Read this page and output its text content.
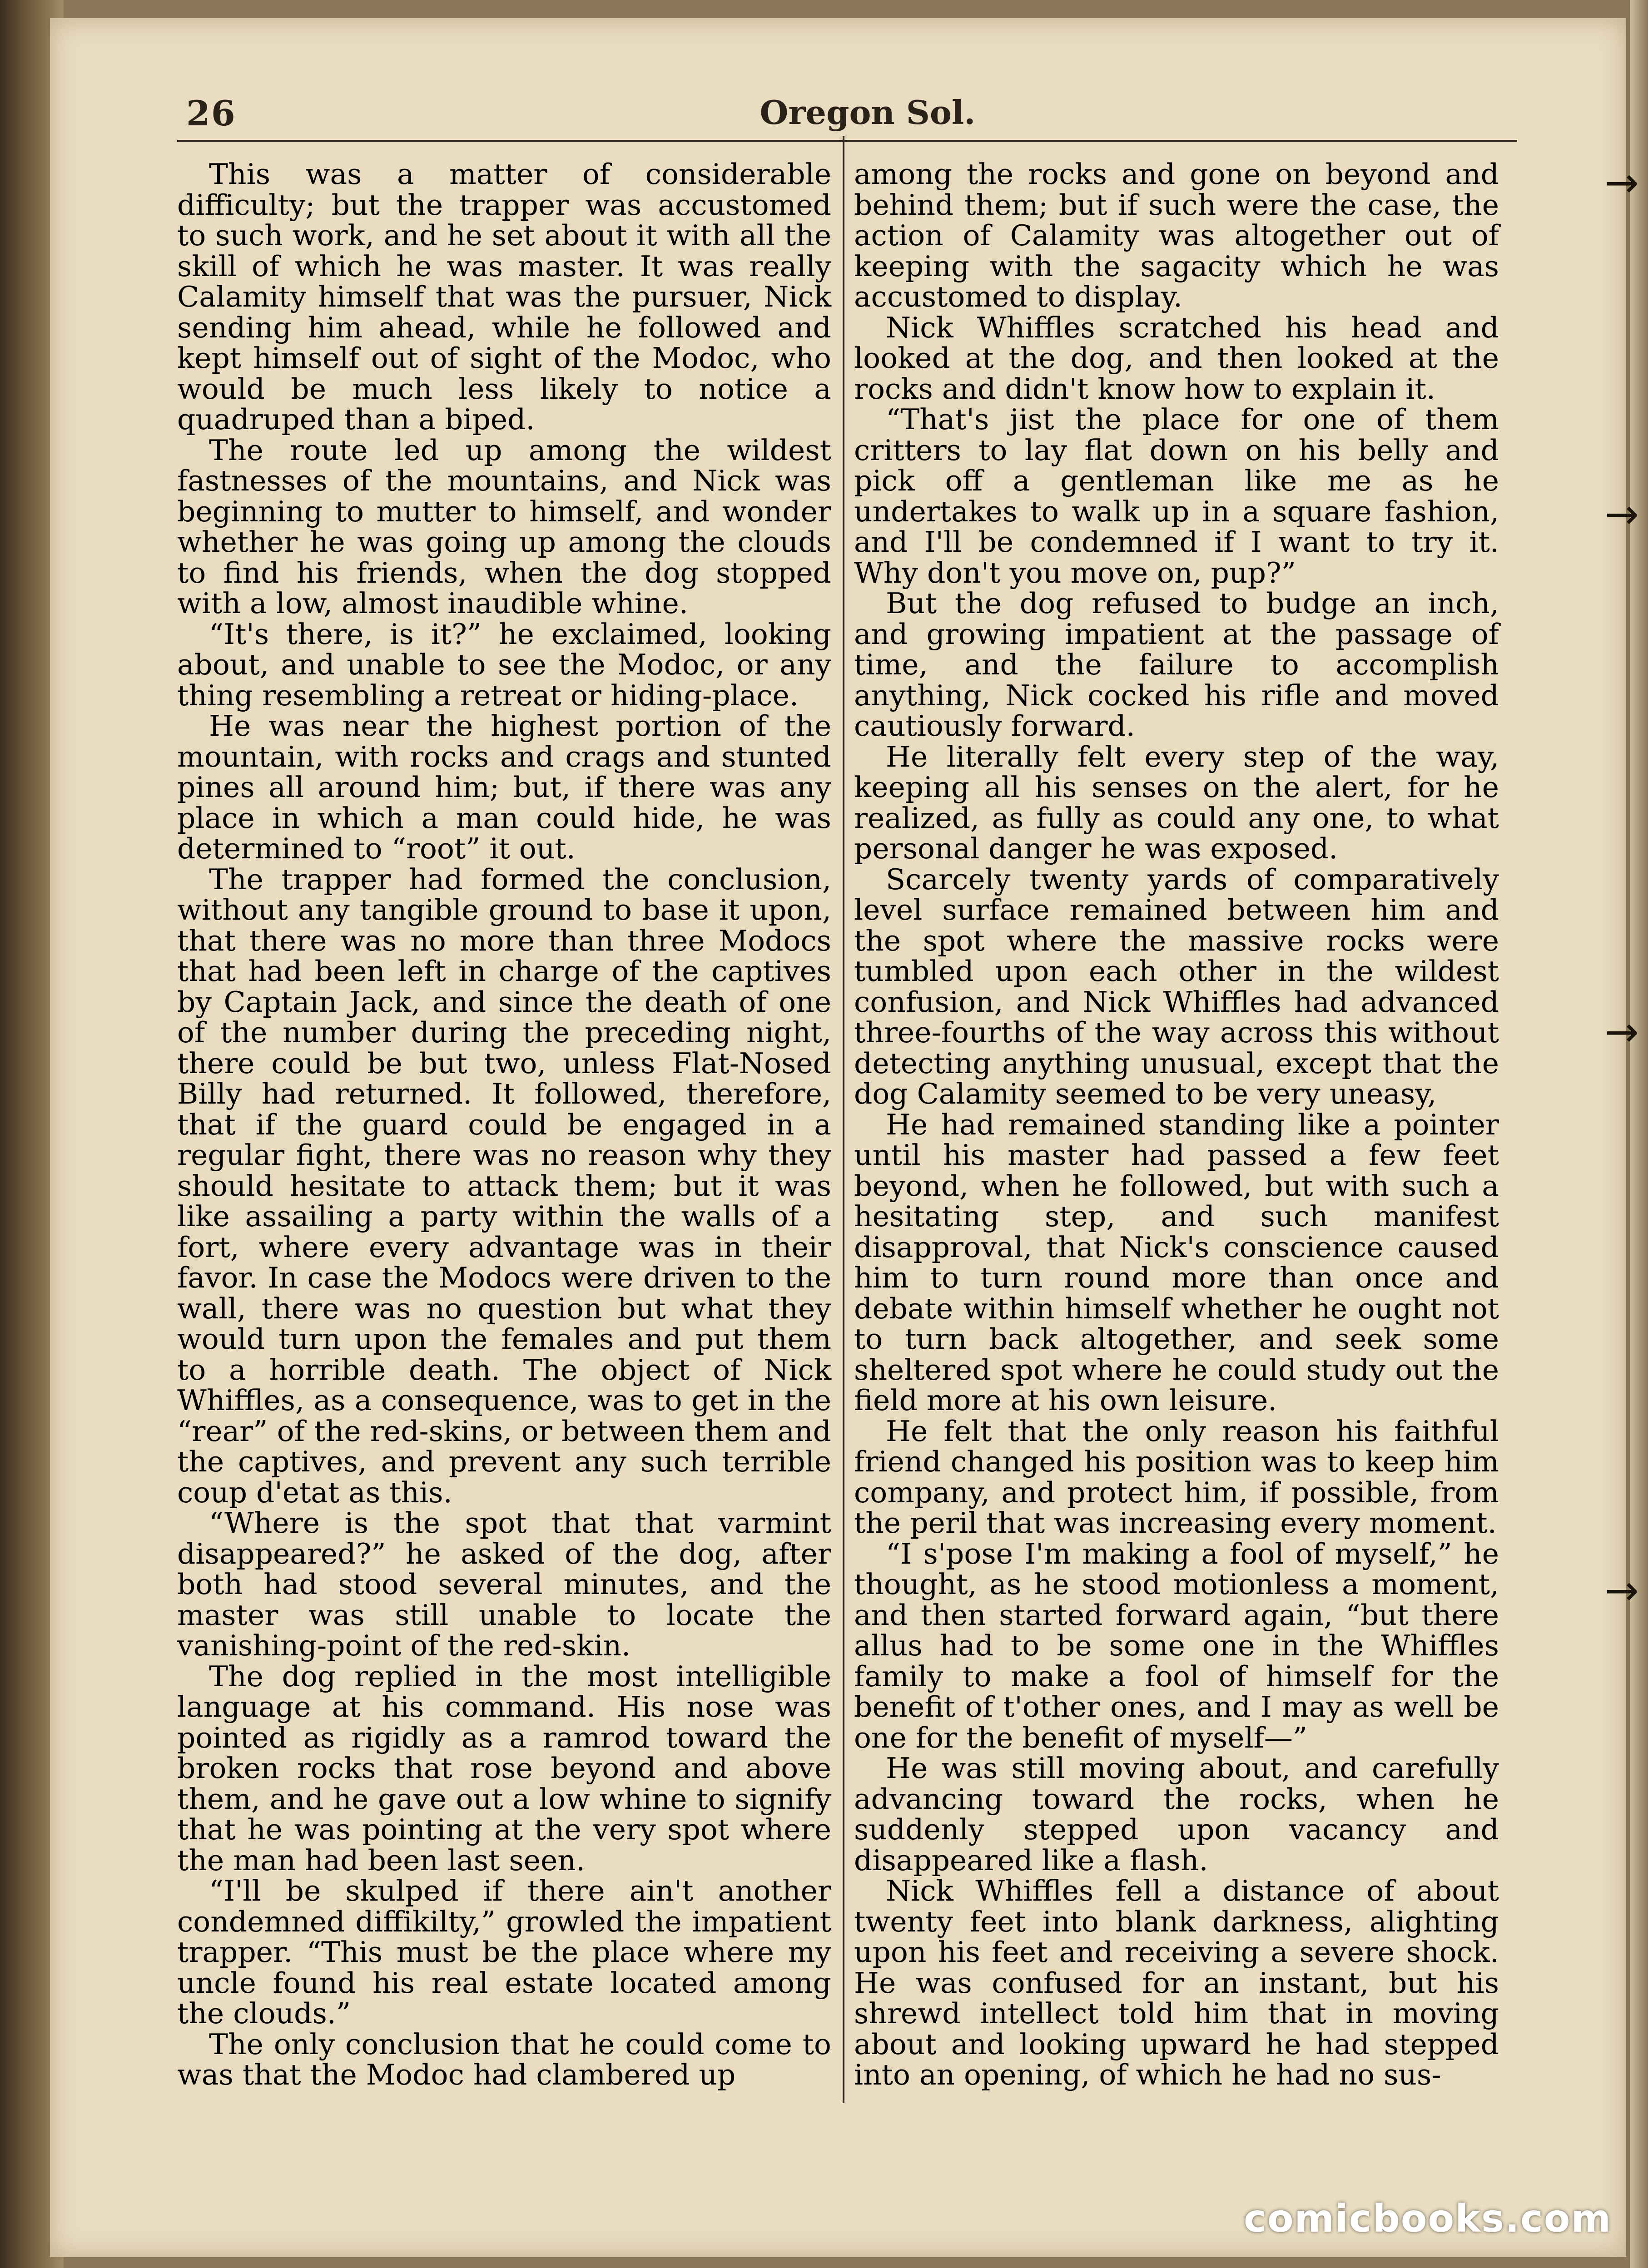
26	Oregon Sol.

This was a matter of considerable difficulty; but the trapper was accustomed to such work, and he set about it with all the skill of which he was master. It was really Calamity himself that was the pursuer, Nick sending him ahead, while he followed and kept himself out of sight of the Modoc, who would be much less likely to notice a quadruped than a biped.

The route led up among the wildest fastnesses of the mountains, and Nick was beginning to mutter to himself, and wonder whether he was going up among the clouds to find his friends, when the dog stopped with a low, almost inaudible whine.

“It's there, is it?” he exclaimed, looking about, and unable to see the Modoc, or any thing resembling a retreat or hiding-place.

He was near the highest portion of the mountain, with rocks and crags and stunted pines all around him; but, if there was any place in which a man could hide, he was determined to “root” it out.

The trapper had formed the conclusion, without any tangible ground to base it upon, that there was no more than three Modocs that had been left in charge of the captives by Captain Jack, and since the death of one of the number during the preceding night, there could be but two, unless Flat-Nosed Billy had returned. It followed, therefore, that if the guard could be engaged in a regular fight, there was no reason why they should hesitate to attack them; but it was like assailing a party within the walls of a fort, where every advantage was in their favor. In case the Modocs were driven to the wall, there was no question but what they would turn upon the females and put them to a horrible death. The object of Nick Whiffles, as a consequence, was to get in the “rear” of the red-skins, or between them and the captives, and prevent any such terrible coup d'etat as this.

“Where is the spot that that varmint disappeared?” he asked of the dog, after both had stood several minutes, and the master was still unable to locate the vanishing-point of the red-skin.

The dog replied in the most intelligible language at his command. His nose was pointed as rigidly as a ramrod toward the broken rocks that rose beyond and above them, and he gave out a low whine to signify that he was pointing at the very spot where the man had been last seen.

“I'll be skulped if there ain't another condemned diffikilty,” growled the impatient trapper. “This must be the place where my uncle found his real estate located among the clouds.”

The only conclusion that he could come to was that the Modoc had clambered up

among the rocks and gone on beyond and behind them; but if such were the case, the action of Calamity was altogether out of keeping with the sagacity which he was accustomed to display.

Nick Whiffles scratched his head and looked at the dog, and then looked at the rocks and didn't know how to explain it.

“That's jist the place for one of them critters to lay flat down on his belly and pick off a gentleman like me as he undertakes to walk up in a square fashion, and I'll be condemned if I want to try it. Why don't you move on, pup?”

But the dog refused to budge an inch, and growing impatient at the passage of time, and the failure to accomplish anything, Nick cocked his rifle and moved cautiously forward.

He literally felt every step of the way, keeping all his senses on the alert, for he realized, as fully as could any one, to what personal danger he was exposed.

Scarcely twenty yards of comparatively level surface remained between him and the spot where the massive rocks were tumbled upon each other in the wildest confusion, and Nick Whiffles had advanced three-fourths of the way across this without detecting anything unusual, except that the dog Calamity seemed to be very uneasy,

He had remained standing like a pointer until his master had passed a few feet beyond, when he followed, but with such a hesitating step, and such manifest disapproval, that Nick's conscience caused him to turn round more than once and debate within himself whether he ought not to turn back altogether, and seek some sheltered spot where he could study out the field more at his own leisure.

He felt that the only reason his faithful friend changed his position was to keep him company, and protect him, if possible, from the peril that was increasing every moment.

“I s'pose I'm making a fool of myself,” he thought, as he stood motionless a moment, and then started forward again, “but there allus had to be some one in the Whiffles family to make a fool of himself for the benefit of t'other ones, and I may as well be one for the benefit of myself—”

He was still moving about, and carefully advancing toward the rocks, when he suddenly stepped upon vacancy and disappeared like a flash.

Nick Whiffles fell a distance of about twenty feet into blank darkness, alighting upon his feet and receiving a severe shock. He was confused for an instant, but his shrewd intellect told him that in moving about and looking upward he had stepped into an opening, of which he had no sus-

→
→
→
→
comicbooks.com
